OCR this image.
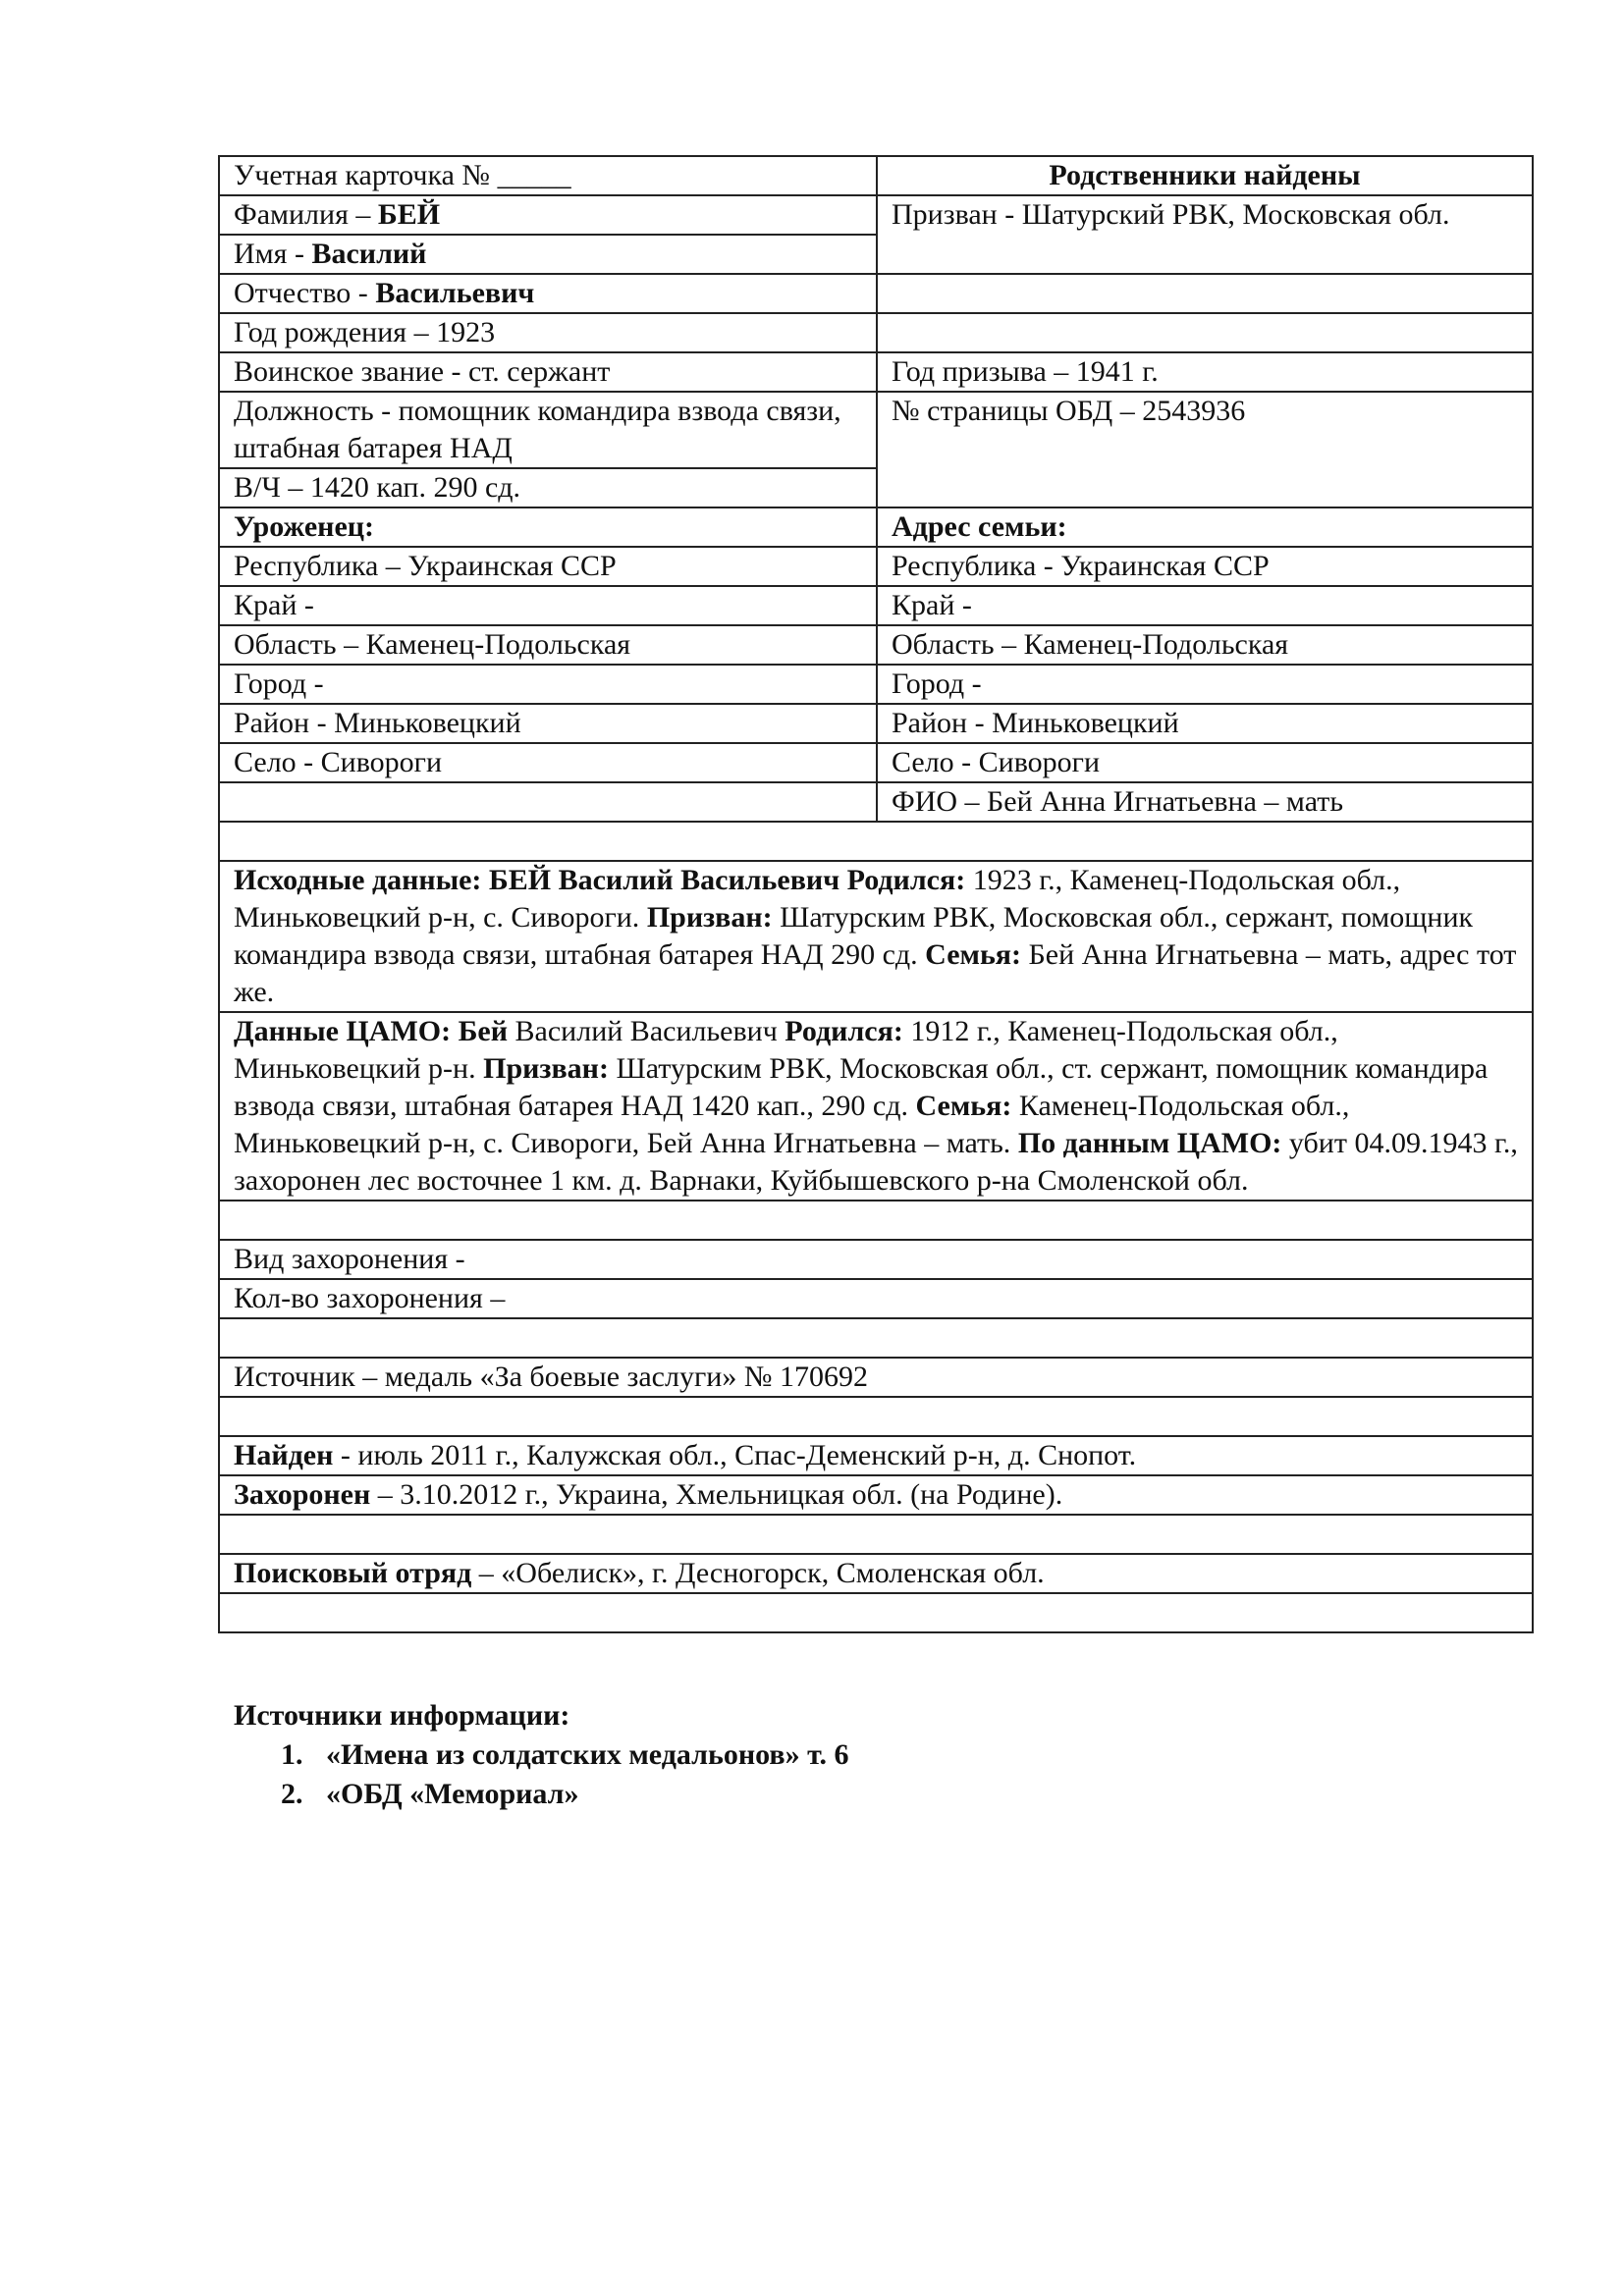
Учетная карточка № _____	Родственники найдены
Фамилия – БЕЙ	Призван - Шатурский РВК, Московская обл.
Имя - Василий	
Отчество - Васильевич	
Год рождения – 1923	
Воинское звание - ст. сержант	Год призыва – 1941 г.
Должность - помощник командира взвода связи, штабная батарея НАД	№ страницы ОБД – 2543936
В/Ч – 1420 кап. 290 сд.	
Уроженец:	Адрес семьи:
Республика – Украинская ССР	Республика - Украинская ССР
Край -	Край -
Область – Каменец-Подольская	Область – Каменец-Подольская
Город -	Город -
Район - Миньковецкий	Район - Миньковецкий
Село - Сивороги	Село - Сивороги
	ФИО – Бей Анна Игнатьевна – мать

Исходные данные: БЕЙ Василий Васильевич Родился: 1923 г., Каменец-Подольская обл., Миньковецкий р-н, с. Сивороги. Призван: Шатурским РВК, Московская обл., сержант, помощник командира взвода связи, штабная батарея НАД 290 сд. Семья: Бей Анна Игнатьевна – мать, адрес тот же.	
Данные ЦАМО: Бей Василий Васильевич Родился: 1912 г., Каменец-Подольская обл., Миньковецкий р-н. Призван: Шатурским РВК, Московская обл., ст. сержант, помощник командира взвода связи, штабная батарея НАД 1420 кап., 290 сд. Семья: Каменец-Подольская обл., Миньковецкий р-н, с. Сивороги, Бей Анна Игнатьевна – мать. По данным ЦАМО: убит 04.09.1943 г., захоронен лес восточнее 1 км. д. Варнаки, Куйбышевского р-на Смоленской обл.	

Вид захоронения -	
Кол-во захоронения –	

Источник – медаль «За боевые заслуги» № 170692	

Найден - июль 2011 г., Калужская обл., Спас-Деменский р-н, д. Снопот.	
Захоронен – 3.10.2012 г., Украина, Хмельницкая обл. (на Родине).	

Поисковый отряд – «Обелиск», г. Десногорск, Смоленская обл.	

Источники информации:
1. «Имена из солдатских медальонов» т. 6
2. «ОБД «Мемориал»
